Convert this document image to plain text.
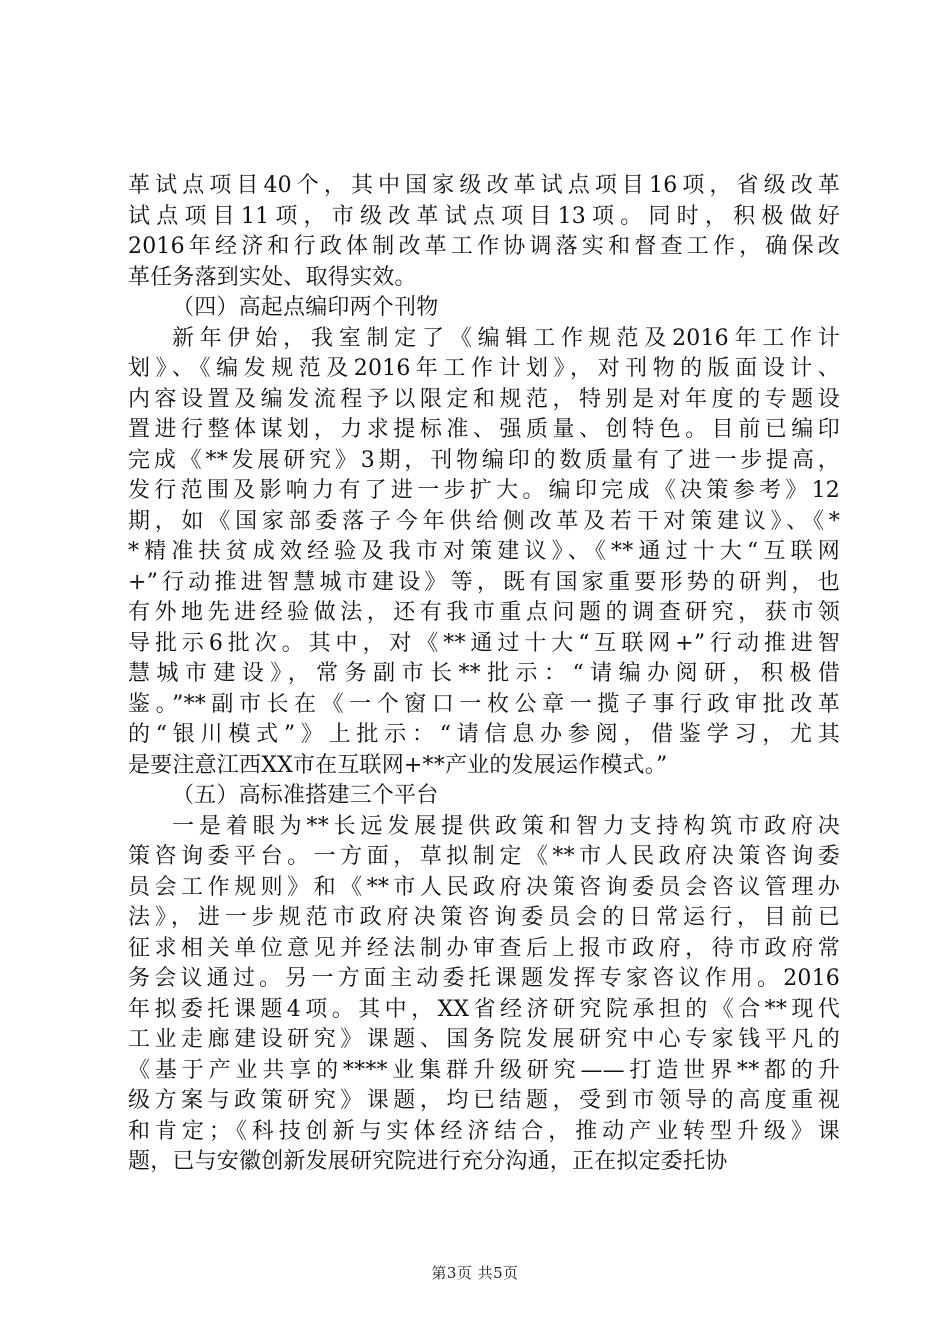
革试点项目40个，其中国家级改革试点项目16项，省级改革
试点项目11项，市级改革试点项目13项。同时，积极做好
2016年经济和行政体制改革工作协调落实和督查工作，确保改
革任务落到实处、取得实效。
（四）高起点编印两个刊物
新年伊始，我室制定了《编辑工作规范及2016年工作计
划》、《编发规范及2016年工作计划》，对刊物的版面设计、
内容设置及编发流程予以限定和规范，特别是对年度的专题设
置进行整体谋划，力求提标准、强质量、创特色。目前已编印
完成《**发展研究》3期，刊物编印的数质量有了进一步提高，
发行范围及影响力有了进一步扩大。编印完成《决策参考》12
期，如《国家部委落子今年供给侧改革及若干对策建议》、《*
*精准扶贫成效经验及我市对策建议》、《**通过十大“互联网
+”行动推进智慧城市建设》等，既有国家重要形势的研判，也
有外地先进经验做法，还有我市重点问题的调查研究，获市领
导批示6批次。其中，对《**通过十大“互联网+”行动推进智
慧城市建设》，常务副市长**批示：“请编办阅研，积极借
鉴。”**副市长在《一个窗口一枚公章一揽子事行政审批改革
的“银川模式”》上批示：“请信息办参阅，借鉴学习，尤其
是要注意江西XX市在互联网+**产业的发展运作模式。”
（五）高标准搭建三个平台
一是着眼为**长远发展提供政策和智力支持构筑市政府决
策咨询委平台。一方面，草拟制定《**市人民政府决策咨询委
员会工作规则》和《**市人民政府决策咨询委员会咨议管理办
法》，进一步规范市政府决策咨询委员会的日常运行，目前已
征求相关单位意见并经法制办审查后上报市政府，待市政府常
务会议通过。另一方面主动委托课题发挥专家咨议作用。2016
年拟委托课题4项。其中，XX省经济研究院承担的《合**现代
工业走廊建设研究》课题、国务院发展研究中心专家钱平凡的
《基于产业共享的****业集群升级研究——打造世界**都的升
级方案与政策研究》课题，均已结题，受到市领导的高度重视
和肯定；《科技创新与实体经济结合，推动产业转型升级》课
题，已与安徽创新发展研究院进行充分沟通，正在拟定委托协
第3页 共5页
